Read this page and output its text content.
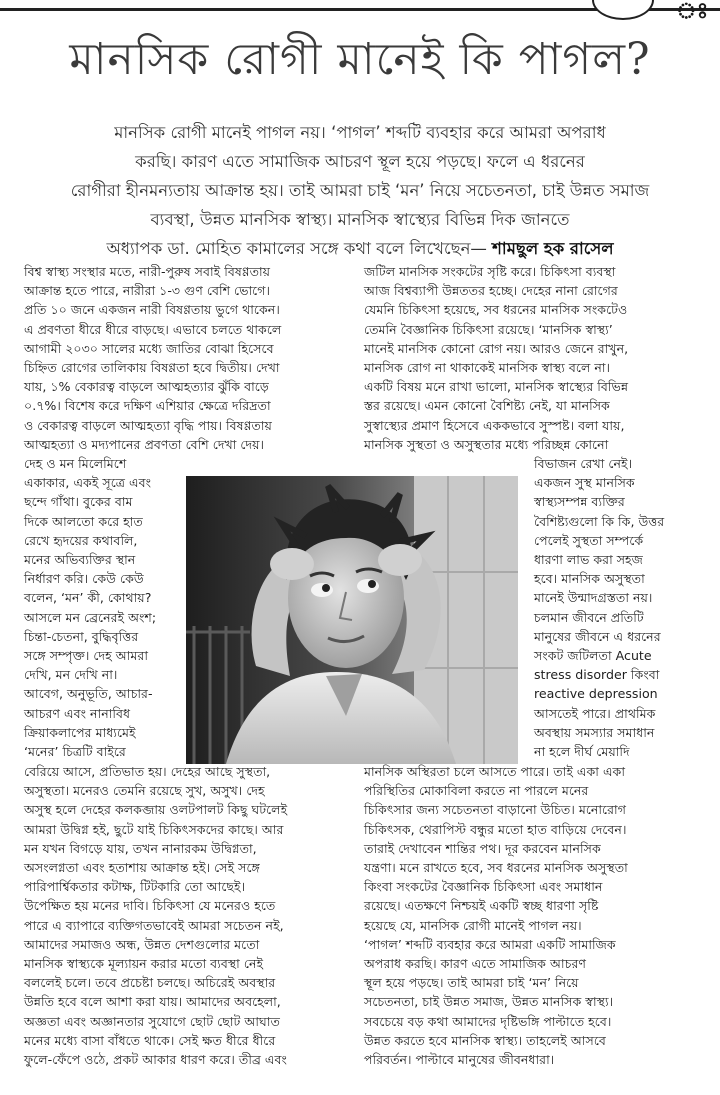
ঃ
মানসিক রোগী মানেই কি পাগল?

মানসিক রোগী মানেই পাগল নয়। ‘পাগল’ শব্দটি ব্যবহার করে আমরা অপরাধ
করছি। কারণ এতে সামাজিক আচরণ স্থূল হয়ে পড়ছে। ফলে এ ধরনের
রোগীরা হীনমন্যতায় আক্রান্ত হয়। তাই আমরা চাই ‘মন’ নিয়ে সচেতনতা, চাই উন্নত সমাজ
ব্যবস্থা, উন্নত মানসিক স্বাস্থ্য। মানসিক স্বাস্থ্যের বিভিন্ন দিক জানতে
অধ্যাপক ডা. মোহিত কামালের সঙ্গে কথা বলে লিখেছেন— শামছুল হক রাসেল

বিশ্ব স্বাস্থ্য সংস্থার মতে, নারী-পুরুষ সবাই বিষণ্ণতায়
আক্রান্ত হতে পারে, নারীরা ১-৩ গুণ বেশি ভোগে।
প্রতি ১০ জনে একজন নারী বিষণ্ণতায় ভুগে থাকেন।
এ প্রবণতা ধীরে ধীরে বাড়ছে। এভাবে চলতে থাকলে
আগামী ২০৩০ সালের মধ্যে জাতির বোঝা হিসেবে
চিহ্নিত রোগের তালিকায় বিষণ্ণতা হবে দ্বিতীয়। দেখা
যায়, ১% বেকারত্ব বাড়লে আত্মহত্যার ঝুঁকি বাড়ে
০.৭%। বিশেষ করে দক্ষিণ এশিয়ার ক্ষেত্রে দরিদ্রতা
ও বেকারত্ব বাড়লে আত্মহত্যা বৃদ্ধি পায়। বিষণ্ণতায়
আত্মহত্যা ও মদ্যপানের প্রবণতা বেশি দেখা দেয়।
দেহ ও মন মিলেমিশে
একাকার, একই সূত্রে এবং
ছন্দে গাঁথা। বুকের বাম
দিকে আলতো করে হাত
রেখে হৃদয়ের কথাবলি,
মনের অভিব্যক্তির স্থান
নির্ধারণ করি। কেউ কেউ
বলেন, ‘মন’ কী, কোথায়?
আসলে মন ব্রেনেরই অংশ;
চিন্তা-চেতনা, বুদ্ধিবৃত্তির
সঙ্গে সম্পৃক্ত। দেহ আমরা
দেখি, মন দেখি না।
আবেগ, অনুভূতি, আচার-
আচরণ এবং নানাবিধ
ক্রিয়াকলাপের মাধ্যমেই
‘মনের’ চিত্রটি বাইরে
বেরিয়ে আসে, প্রতিভাত হয়। দেহের আছে সুস্থতা,
অসুস্থতা। মনেরও তেমনি রয়েছে সুখ, অসুখ। দেহ
অসুস্থ হলে দেহের কলকব্জায় ওলটপালট কিছু ঘটলেই
আমরা উদ্বিগ্ন হই, ছুটে যাই চিকিৎসকদের কাছে। আর
মন যখন বিগড়ে যায়, তখন নানারকম উদ্বিগ্নতা,
অসংলগ্নতা এবং হতাশায় আক্রান্ত হই। সেই সঙ্গে
পারিপার্শ্বিকতার কটাক্ষ, টিটকারি তো আছেই।
উপেক্ষিত হয় মনের দাবি। চিকিৎসা যে মনেরও হতে
পারে এ ব্যাপারে ব্যক্তিগতভাবেই আমরা সচেতন নই,
আমাদের সমাজও অন্ধ, উন্নত দেশগুলোর মতো
মানসিক স্বাস্থ্যকে মূল্যায়ন করার মতো ব্যবস্থা নেই
বললেই চলে। তবে প্রচেষ্টা চলছে। অচিরেই অবস্থার
উন্নতি হবে বলে আশা করা যায়। আমাদের অবহেলা,
অজ্ঞতা এবং অজ্ঞানতার সুযোগে ছোট ছোট আঘাত
মনের মধ্যে বাসা বাঁধতে থাকে। সেই ক্ষত ধীরে ধীরে
ফুলে-ফেঁপে ওঠে, প্রকট আকার ধারণ করে। তীব্র এবং
জটিল মানসিক সংকটের সৃষ্টি করে। চিকিৎসা ব্যবস্থা
আজ বিশ্বব্যাপী উন্নততর হচ্ছে। দেহের নানা রোগের
যেমনি চিকিৎসা হয়েছে, সব ধরনের মানসিক সংকটেও
তেমনি বৈজ্ঞানিক চিকিৎসা রয়েছে। ‘মানসিক স্বাস্থ্য’
মানেই মানসিক কোনো রোগ নয়। আরও জেনে রাখুন,
মানসিক রোগ না থাকাকেই মানসিক স্বাস্থ্য বলে না।
একটি বিষয় মনে রাখা ভালো, মানসিক স্বাস্থ্যের বিভিন্ন
স্তর রয়েছে। এমন কোনো বৈশিষ্ট্য নেই, যা মানসিক
সুস্বাস্থ্যের প্রমাণ হিসেবে এককভাবে সুস্পষ্ট। বলা যায়,
মানসিক সুস্থতা ও অসুস্থতার মধ্যে পরিচ্ছন্ন কোনো
বিভাজন রেখা নেই।
একজন সুস্থ মানসিক
স্বাস্থ্যসম্পন্ন ব্যক্তির
বৈশিষ্ট্যগুলো কি কি, উত্তর
পেলেই সুস্থতা সম্পর্কে
ধারণা লাভ করা সহজ
হবে। মানসিক অসুস্থতা
মানেই উন্মাদগ্রস্ততা নয়।
চলমান জীবনে প্রতিটি
মানুষের জীবনে এ ধরনের
সংকট জটিলতা Acute
stress disorder কিংবা
reactive depression
আসতেই পারে। প্রাথমিক
অবস্থায় সমস্যার সমাধান
না হলে দীর্ঘ মেয়াদি
মানসিক অস্থিরতা চলে আসতে পারে। তাই একা একা
পরিস্থিতির মোকাবিলা করতে না পারলে মনের
চিকিৎসার জন্য সচেতনতা বাড়ানো উচিত। মনোরোগ
চিকিৎসক, থেরাপিস্ট বন্ধুর মতো হাত বাড়িয়ে দেবেন।
তারাই দেখাবেন শান্তির পথ। দূর করবেন মানসিক
যন্ত্রণা। মনে রাখতে হবে, সব ধরনের মানসিক অসুস্থতা
কিংবা সংকটের বৈজ্ঞানিক চিকিৎসা এবং সমাধান
রয়েছে। এতক্ষণে নিশ্চয়ই একটি স্বচ্ছ ধারণা সৃষ্টি
হয়েছে যে, মানসিক রোগী মানেই পাগল নয়।
‘পাগল’ শব্দটি ব্যবহার করে আমরা একটি সামাজিক
অপরাধ করছি। কারণ এতে সামাজিক আচরণ
স্থূল হয়ে পড়ছে। তাই আমরা চাই ‘মন’ নিয়ে
সচেতনতা, চাই উন্নত সমাজ, উন্নত মানসিক স্বাস্থ্য।
সবচেয়ে বড় কথা আমাদের দৃষ্টিভঙ্গি পাল্টাতে হবে।
উন্নত করতে হবে মানসিক স্বাস্থ্য। তাহলেই আসবে
পরিবর্তন। পাল্টাবে মানুষের জীবনধারা।
